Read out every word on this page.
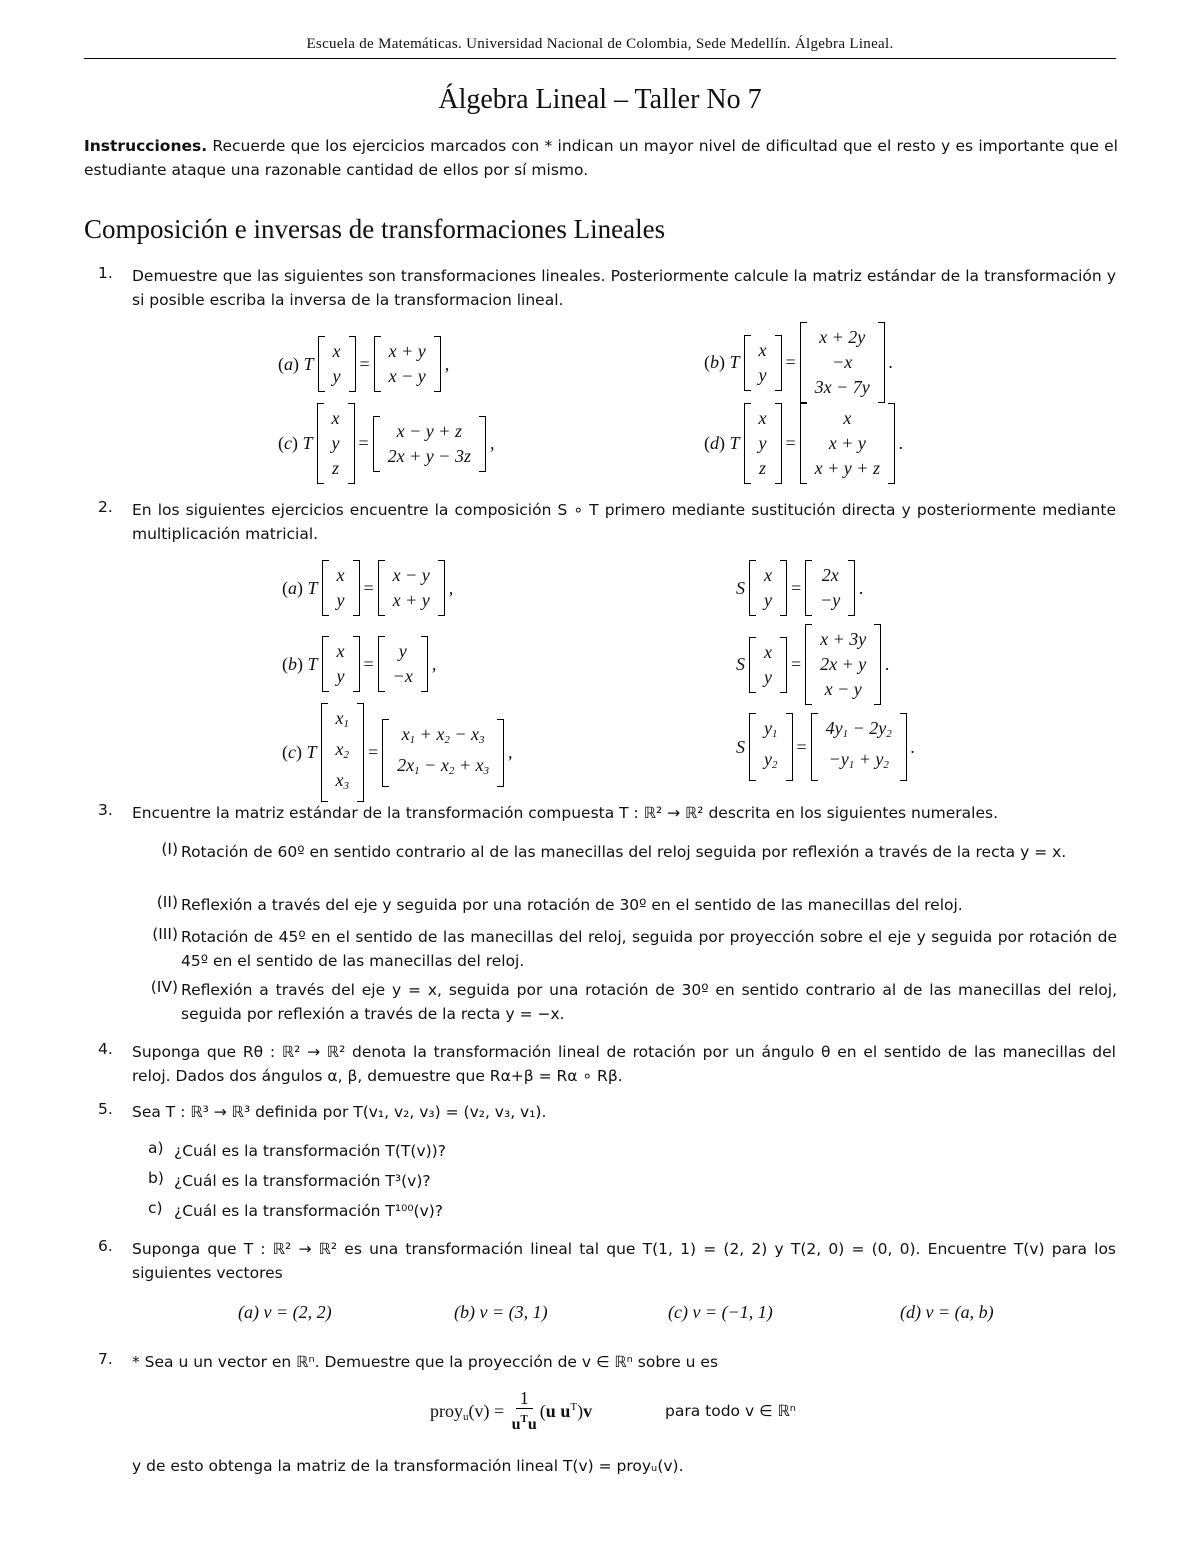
Escuela de Matemáticas. Universidad Nacional de Colombia, Sede Medellín. Álgebra Lineal.
Álgebra Lineal – Taller No 7
Instrucciones. Recuerde que los ejercicios marcados con * indican un mayor nivel de dificultad que el resto y es importante que el estudiante ataque una razonable cantidad de ellos por sí mismo.
Composición e inversas de transformaciones Lineales
1. Demuestre que las siguientes son transformaciones lineales. Posteriormente calcule la matriz estándar de la transformación y si posible escriba la inversa de la transformacion lineal.
( a ) T
x
y
=
x + y
x − y
,	( b ) T
x
y
=
x + 2y
−x
3x − 7y
.
( c ) T
x
y
z
=
x − y + z
2x + y − 3z
,	( d ) T
x
y
z
=
x
x + y
x + y + z
.
2. En los siguientes ejercicios encuentre la composición S ∘ T primero mediante sustitución directa y posteriormente mediante multiplicación matricial.
( a ) T
x
y
=
x − y
x + y
,	S
x
y
=
2x
−y
.
( b ) T
x
y
=
y
−x
,	S
x
y
=
x + 3y
2x + y
x − y
.
( c ) T
$x_1$
$x_2$
$x_3$
=
$x_1 + x_2 - x_3$
$2x_1 - x_2 + x_3$
,	S
$y_1$
$y_2$
=
$4y_1 - 2y_2$
$-y_1 + y_2$
.
3. Encuentre la matriz estándar de la transformación compuesta T : ℝ² → ℝ² descrita en los siguientes numerales.
(I) Rotación de 60º en sentido contrario al de las manecillas del reloj seguida por reflexión a través de la recta y = x.
(II) Reflexión a través del eje y seguida por una rotación de 30º en el sentido de las manecillas del reloj.
(III) Rotación de 45º en el sentido de las manecillas del reloj, seguida por proyección sobre el eje y seguida por rotación de 45º en el sentido de las manecillas del reloj.
(IV) Reflexión a través del eje y = x, seguida por una rotación de 30º en sentido contrario al de las manecillas del reloj, seguida por reflexión a través de la recta y = −x.
4. Suponga que Rθ : ℝ² → ℝ² denota la transformación lineal de rotación por un ángulo θ en el sentido de las manecillas del reloj. Dados dos ángulos α, β, demuestre que Rα+β = Rα ∘ Rβ.
5. Sea T : ℝ³ → ℝ³ definida por T(v₁, v₂, v₃) = (v₂, v₃, v₁).
a) ¿Cuál es la transformación T(T(v))?
b) ¿Cuál es la transformación T³(v)?
c) ¿Cuál es la transformación T¹⁰⁰(v)?
6. Suponga que T : ℝ² → ℝ² es una transformación lineal tal que T(1, 1) = (2, 2) y T(2, 0) = (0, 0). Encuentre T(v) para los siguientes vectores
(a) v = (2, 2)	(b) v = (3, 1)	(c) v = (−1, 1)	(d) v = (a, b)
7. * Sea u un vector en ℝⁿ. Demuestre que la proyección de v ∈ ℝⁿ sobre u es
proy$_u$(v) =
1
$u^Tu$
(u $u^T)v$	para todo v ∈ ℝⁿ
y de esto obtenga la matriz de la transformación lineal T(v) = proyᵤ(v).
